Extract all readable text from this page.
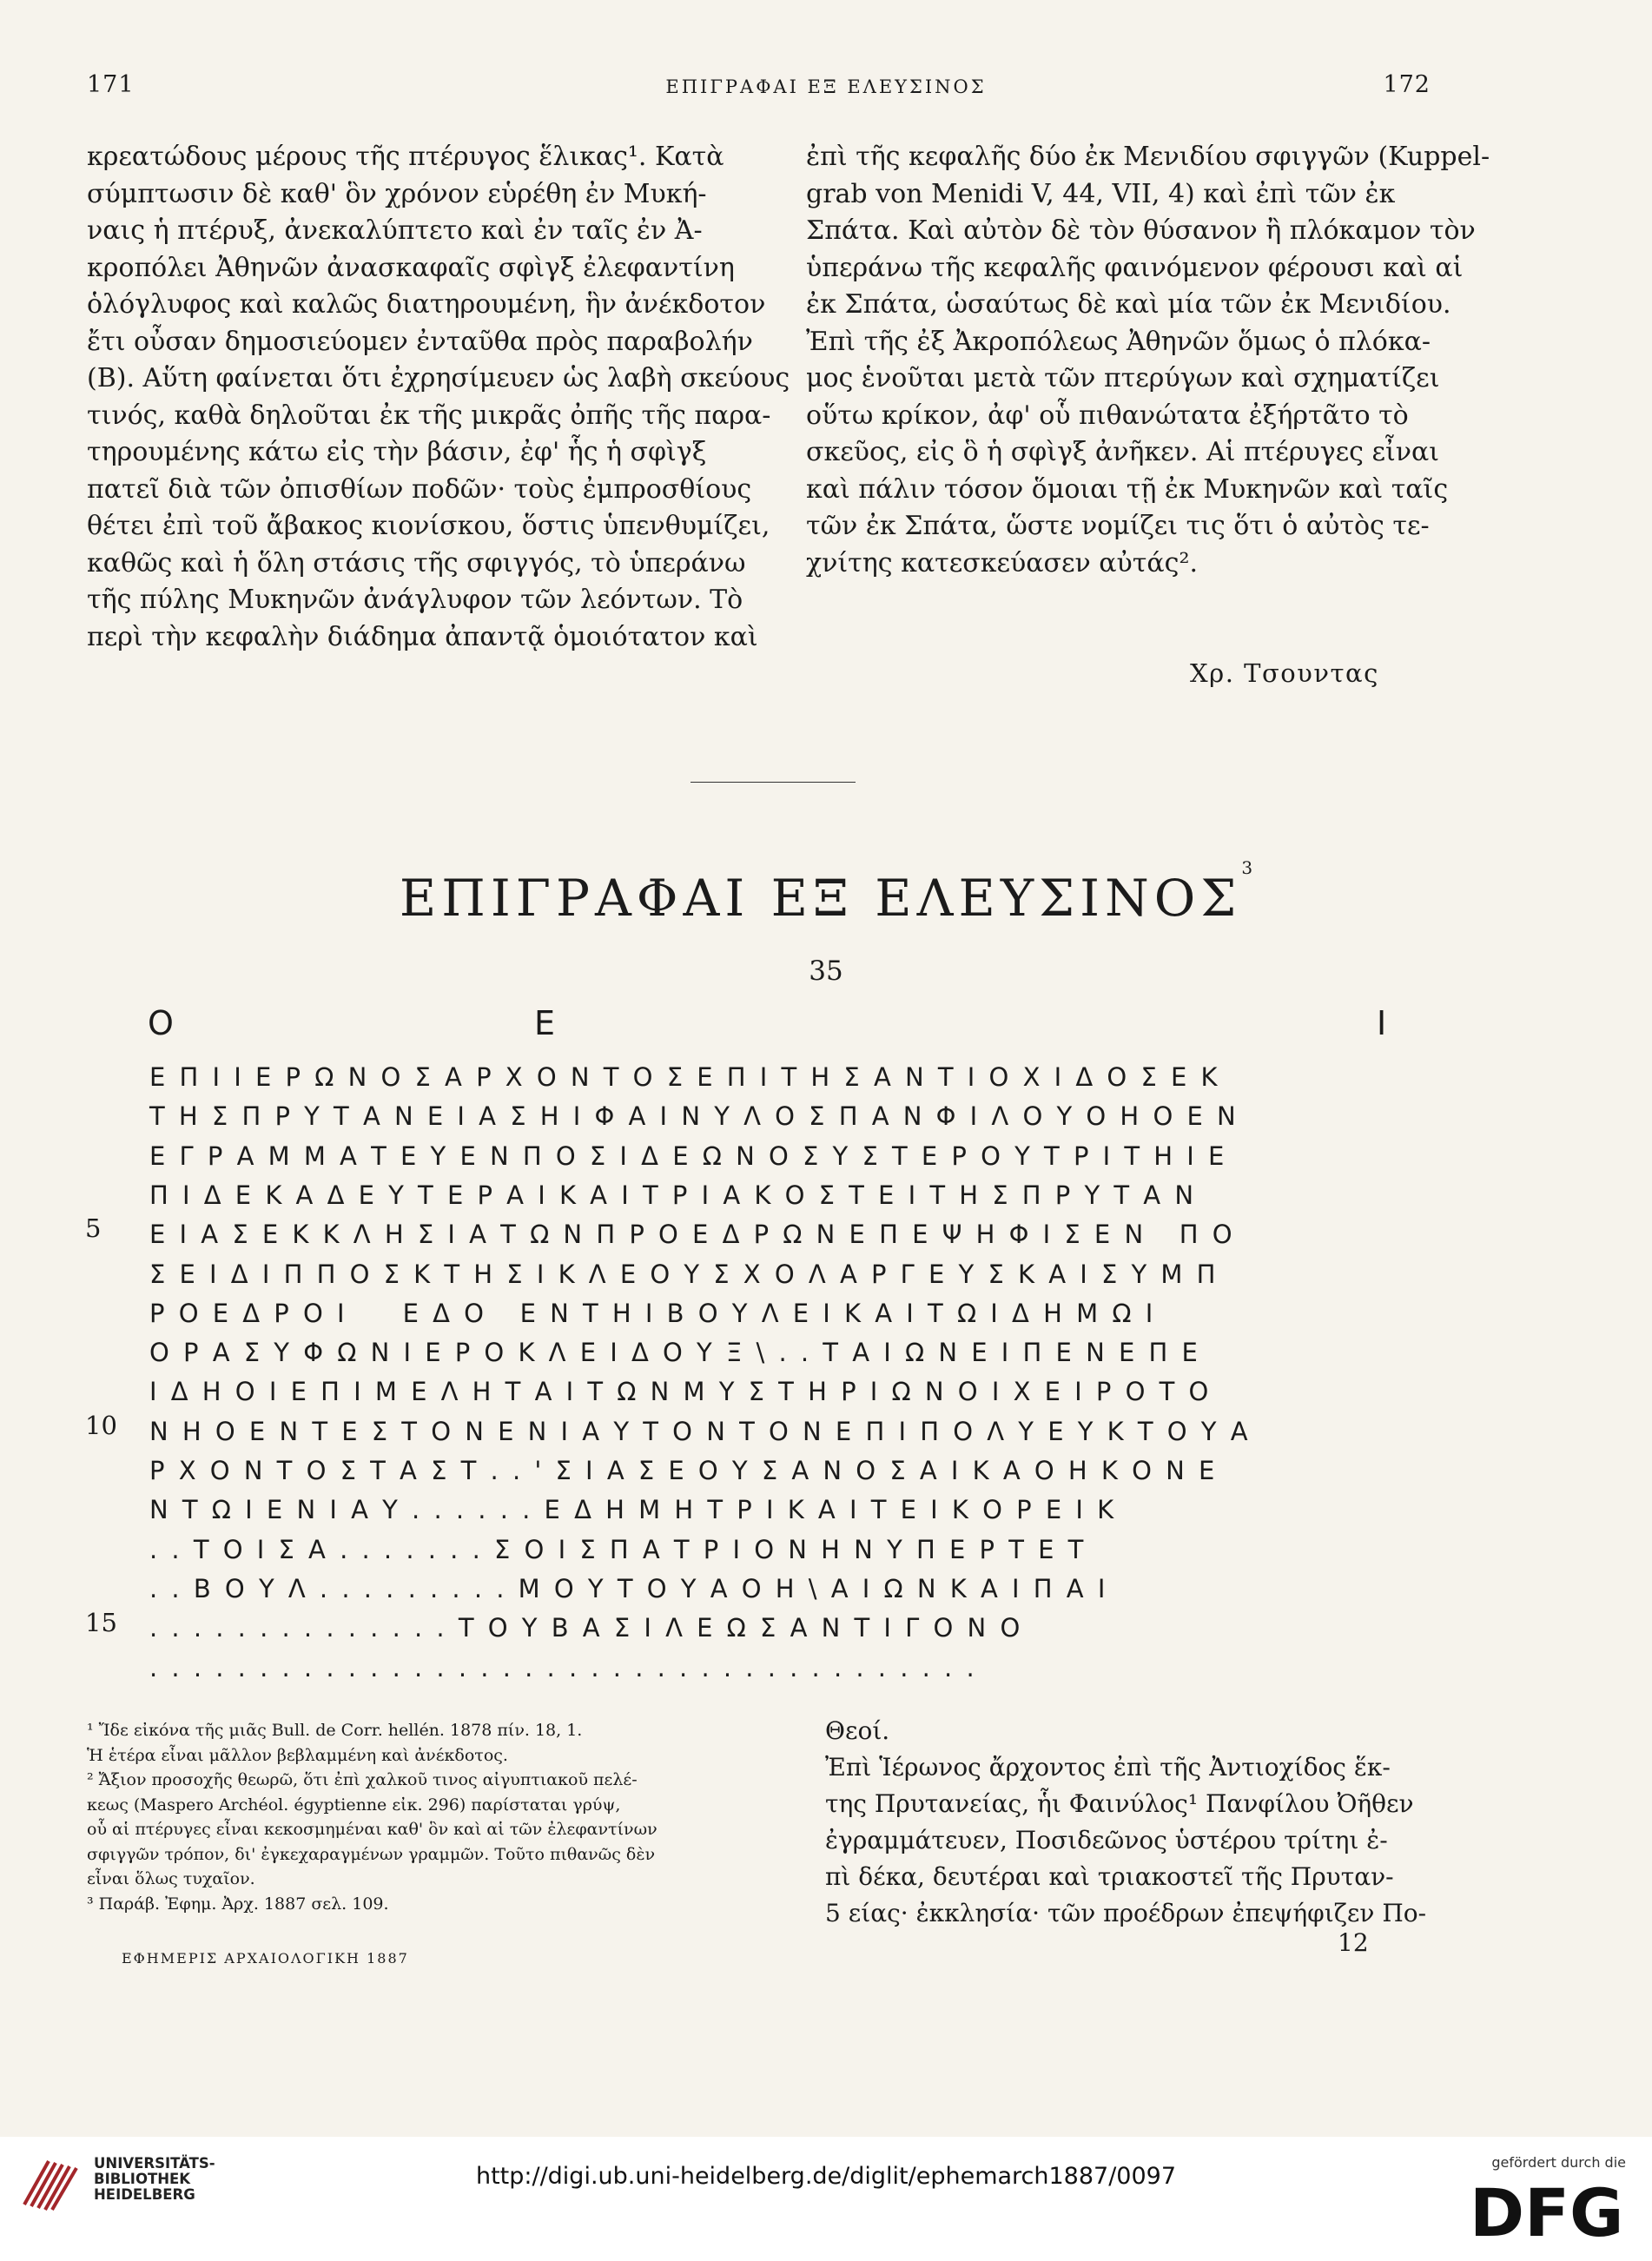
171	ΕΠΙΓΡΑΦΑΙ ΕΞ ΕΛΕΥΣΙΝΟΣ	172
κρεατώδους μέρους τῆς πτέρυγος ἕλικας¹. Κατὰ
σύμπτωσιν δὲ καθ' ὃν χρόνον εὑρέθη ἐν Μυκή-
ναις ἡ πτέρυξ, ἀνεκαλύπτετο καὶ ἐν ταῖς ἐν Ἀ-
κροπόλει Ἀθηνῶν ἀνασκαφαῖς σφὶγξ ἐλεφαντίνη
ὁλόγλυφος καὶ καλῶς διατηρουμένη, ἣν ἀνέκδοτον
ἔτι οὖσαν δημοσιεύομεν ἐνταῦθα πρὸς παραβολήν
(Β). Αὕτη φαίνεται ὅτι ἐχρησίμευεν ὡς λαβὴ σκεύους
τινός, καθὰ δηλοῦται ἐκ τῆς μικρᾶς ὀπῆς τῆς παρα-
τηρουμένης κάτω εἰς τὴν βάσιν, ἐφ' ἧς ἡ σφὶγξ
πατεῖ διὰ τῶν ὀπισθίων ποδῶν· τοὺς ἐμπροσθίους
θέτει ἐπὶ τοῦ ἄβακος κιονίσκου, ὅστις ὑπενθυμίζει,
καθῶς καὶ ἡ ὅλη στάσις τῆς σφιγγός, τὸ ὑπεράνω
τῆς πύλης Μυκηνῶν ἀνάγλυφον τῶν λεόντων. Τὸ
περὶ τὴν κεφαλὴν διάδημα ἀπαντᾷ ὁμοιότατον καὶ
ἐπὶ τῆς κεφαλῆς δύο ἐκ Μενιδίου σφιγγῶν (Kuppel-
grab von Menidi V, 44, VII, 4) καὶ ἐπὶ τῶν ἐκ
Σπάτα. Καὶ αὐτὸν δὲ τὸν θύσανον ἢ πλόκαμον τὸν
ὑπεράνω τῆς κεφαλῆς φαινόμενον φέρουσι καὶ αἱ
ἐκ Σπάτα, ὡσαύτως δὲ καὶ μία τῶν ἐκ Μενιδίου.
Ἐπὶ τῆς ἐξ Ἀκροπόλεως Ἀθηνῶν ὅμως ὁ πλόκα-
μος ἑνοῦται μετὰ τῶν πτερύγων καὶ σχηματίζει
οὕτω κρίκον, ἀφ' οὗ πιθανώτατα ἐξήρτᾶτο τὸ
σκεῦος, εἰς ὃ ἡ σφὶγξ ἀνῆκεν. Αἱ πτέρυγες εἶναι
καὶ πάλιν τόσον ὅμοιαι τῇ ἐκ Μυκηνῶν καὶ ταῖς
τῶν ἐκ Σπάτα, ὥστε νομίζει τις ὅτι ὁ αὐτὸς τε-
χνίτης κατεσκεύασεν αὐτάς².
Χρ. Τσουντας
ΕΠΙΓΡΑΦΑΙ ΕΞ ΕΛΕΥΣΙΝΟΣ$^3$
35
Ο	Ε	Ι
ΕΠΙΙΕΡΩΝΟΣΑΡΧΟΝΤΟΣΕΠΙΤΗΣΑΝΤΙΟΧΙΔΟΣΕΚ
ΤΗΣΠΡΥΤΑΝΕΙΑΣΗΙΦΑΙΝΥΛΟΣΠΑΝΦΙΛΟΥΟΗΟΕΝ
ΕΓΡΑΜΜΑΤΕΥΕΝΠΟΣΙΔΕΩΝΟΣΥΣΤΕΡΟΥΤΡΙΤΗΙΕ
ΠΙΔΕΚΑΔΕΥΤΕΡΑΙΚΑΙΤΡΙΑΚΟΣΤΕΙΤΗΣΠΡΥΤΑΝ
ΕΙΑΣΕΚΚΛΗΣΙΑΤΩΝΠΡΟΕΔΡΩΝΕΠΕΨΗΦΙΣΕΝ ΠΟ
ΣΕΙΔΙΠΠΟΣΚΤΗΣΙΚΛΕΟΥΣΧΟΛΑΡΓΕΥΣΚΑΙΣΥΜΠ
ΡΟΕΔΡΟΙ  ΕΔΟ ΕΝΤΗΙΒΟΥΛΕΙΚΑΙΤΩΙΔΗΜΩΙ
ΟΡΑΣΥΦΩΝΙΕΡΟΚΛΕΙΔΟΥΞ\..ΤΑΙΩΝΕΙΠΕΝΕΠΕ
ΙΔΗΟΙΕΠΙΜΕΛΗΤΑΙΤΩΝΜΥΣΤΗΡΙΩΝΟΙΧΕΙΡΟΤΟ
ΝΗΟΕΝΤΕΣΤΟΝΕΝΙΑΥΤΟΝΤΟΝΕΠΙΠΟΛΥΕΥΚΤΟΥΑ
ΡΧΟΝΤΟΣΤΑΣΤ..'ΣΙΑΣΕΟΥΣΑΝΟΣΑΙΚΑΟΗΚΟΝΕ
ΝΤΩΙΕΝΙΑΥ......ΕΔΗΜΗΤΡΙΚΑΙΤΕΙΚΟΡΕΙΚ
..ΤΟΙΣΑ.......ΣΟΙΣΠΑΤΡΙΟΝΗΝΥΠΕΡΤΕΤ
..ΒΟΥΛ.........ΜΟΥΤΟΥΑΟΗ\ΑΙΩΝΚΑΙΠΑΙ
..............ΤΟΥΒΑΣΙΛΕΩΣΑΝΤΙΓΟΝΟ
......................................
5
10
15
¹ Ἴδε εἰκόνα τῆς μιᾶς Bull. de Corr. hellén. 1878 πίν. 18, 1.
Ἡ ἑτέρα εἶναι μᾶλλον βεβλαμμένη καὶ ἀνέκδοτος.
² Ἄξιον προσοχῆς θεωρῶ, ὅτι ἐπὶ χαλκοῦ τινος αἰγυπτιακοῦ πελέ-
κεως (Maspero Archéol. égyptienne εἰκ. 296) παρίσταται γρύψ,
οὗ αἱ πτέρυγες εἶναι κεκοσμημέναι καθ' ὃν καὶ αἱ τῶν ἐλεφαντίνων
σφιγγῶν τρόπον, δι' ἐγκεχαραγμένων γραμμῶν. Τοῦτο πιθανῶς δὲν
εἶναι ὅλως τυχαῖον.
³ Παράβ. Ἐφημ. Ἀρχ. 1887 σελ. 109.
ΕΦΗΜΕΡΙΣ ΑΡΧΑΙΟΛΟΓΙΚΗ 1887
Θεοί.
Ἐπὶ Ἱέρωνος ἄρχοντος ἐπὶ τῆς Ἀντιοχίδος ἕκ-
της Πρυτανείας, ἧι Φαινύλος¹ Πανφίλου Ὀῆθεν
ἐγραμμάτευεν, Ποσιδεῶνος ὑστέρου τρίτηι ἐ-
πὶ δέκα, δευτέραι καὶ τριακοστεῖ τῆς Πρυταν-
5 είας· ἐκκλησία· τῶν προέδρων ἐπεψήφιζεν Πο-
12
UNIVERSITÄTS-
BIBLIOTHEK
HEIDELBERG
http://digi.ub.uni-heidelberg.de/diglit/ephemarch1887/0097
gefördert durch die
DFG
